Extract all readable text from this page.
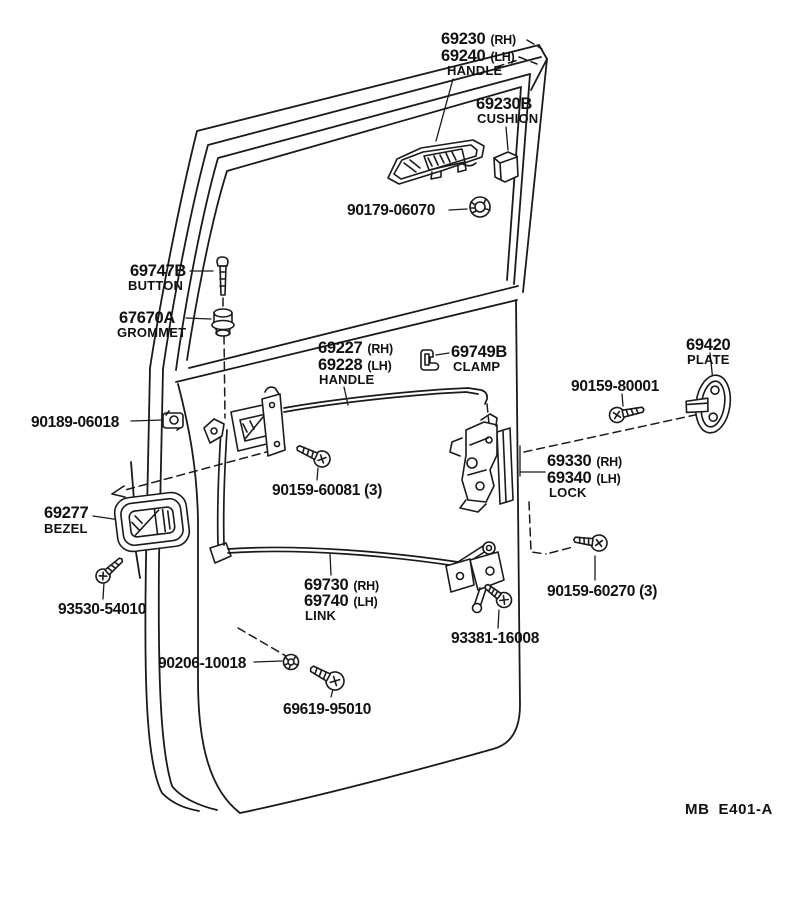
69230 (RH)
69240 (LH)
HANDLE
69230B
CUSHION
90179-06070
69747B
BUTTON
67670A
GROMMET
69227 (RH)
69228 (LH)
HANDLE
69749B
CLAMP
69420
PLATE
90159-80001
90189-06018
90159-60081 (3)
69330 (RH)
69340 (LH)
LOCK
69277
BEZEL
93530-54010
69730 (RH)
69740 (LH)
LINK
93381-16008
90159-60270 (3)
90206-10018
69619-95010
MB E401-A
